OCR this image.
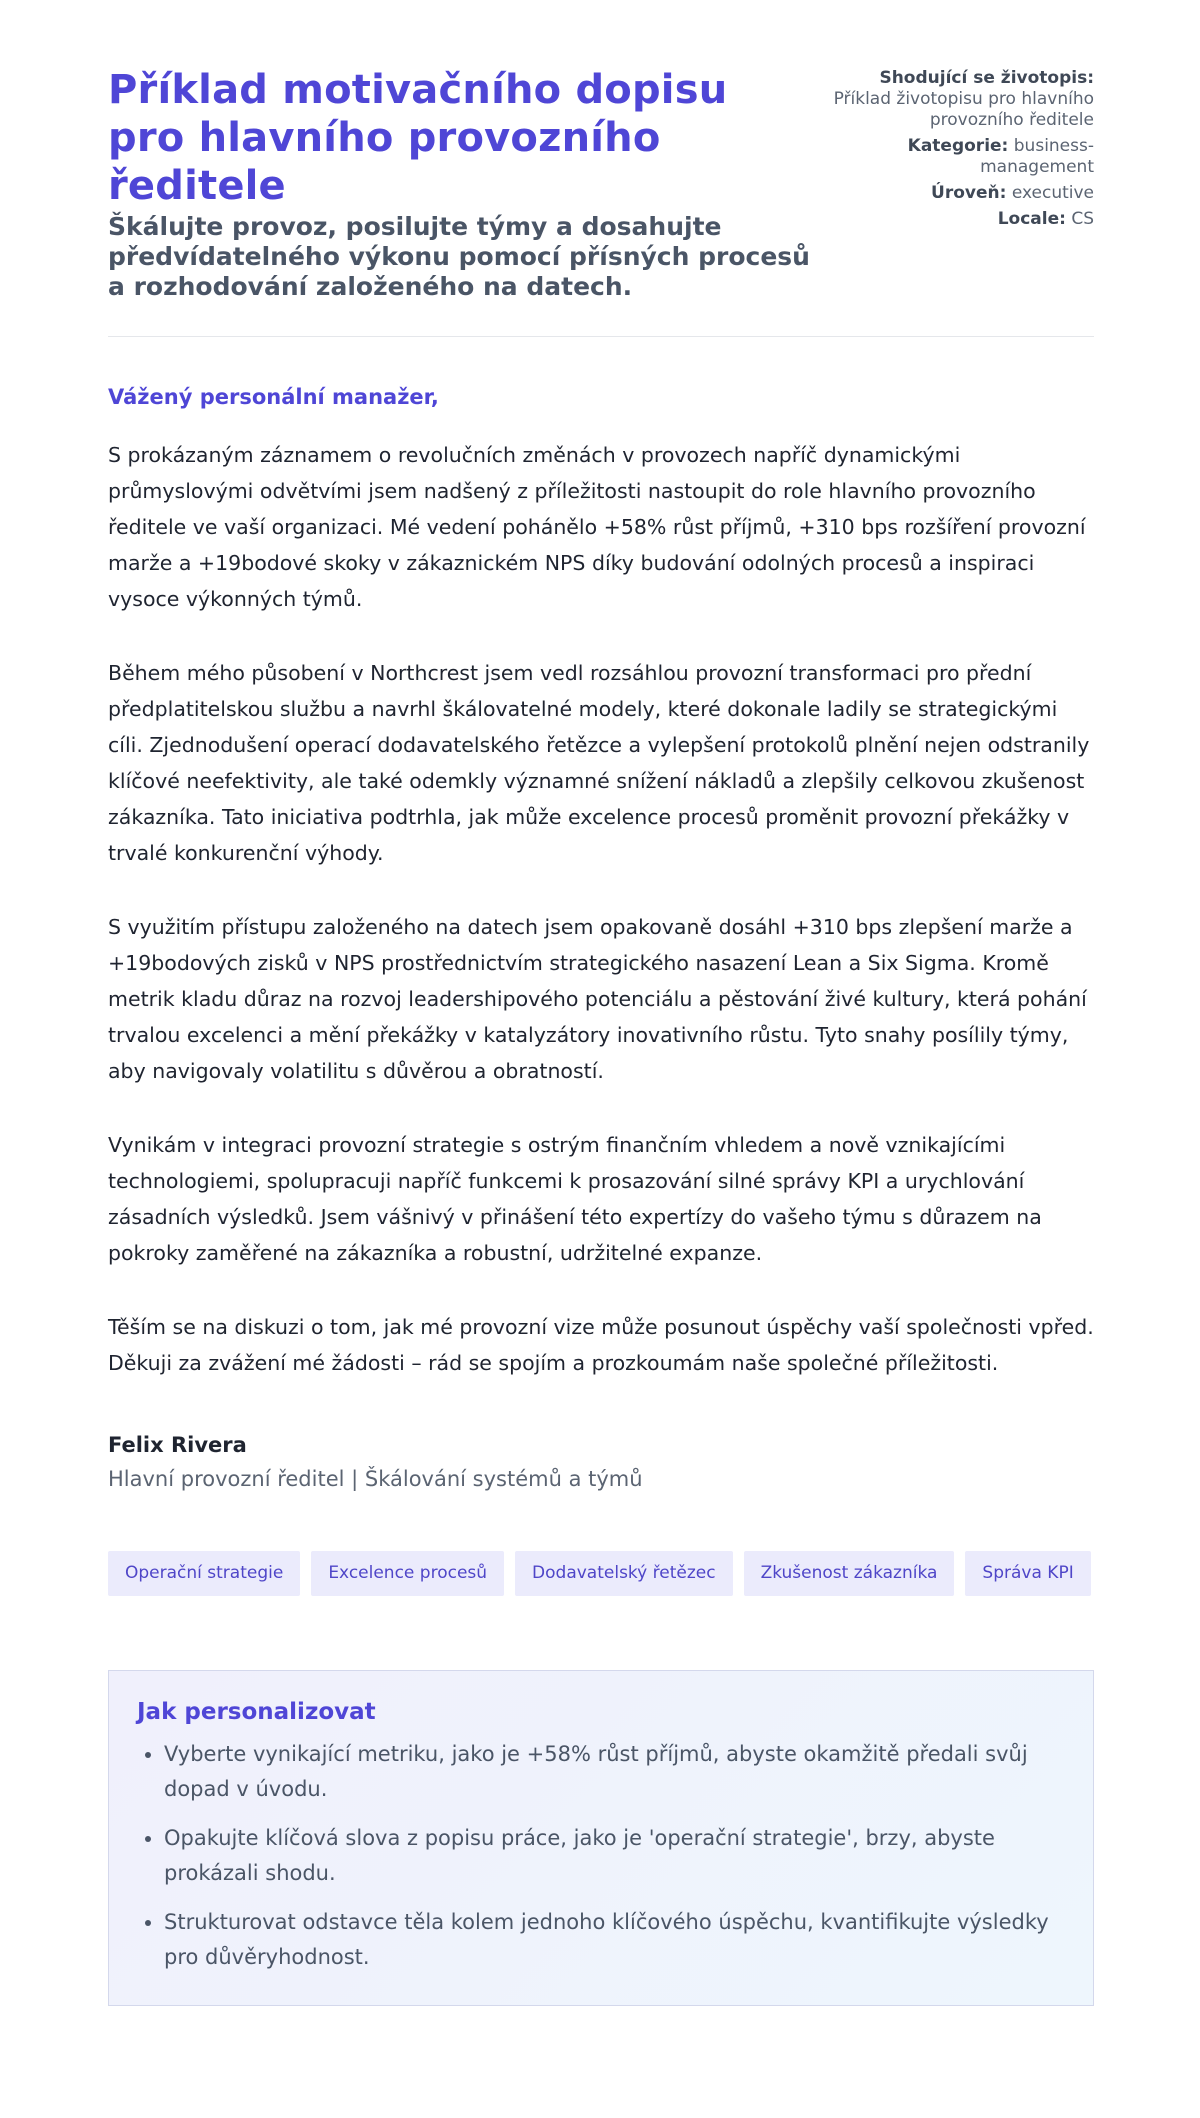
Příklad motivačního dopisu pro hlavního provozního ředitele
Škálujte provoz, posilujte týmy a dosahujte předvídatelného výkonu pomocí přísných procesů a rozhodování založeného na datech.
Shodující se životopis:
Příklad životopisu pro hlavního provozního ředitele
Kategorie: business-management
Úroveň: executive
Locale: CS
Vážený personální manažer,

S prokázaným záznamem o revolučních změnách v provozech napříč dynamickými průmyslovými odvětvími jsem nadšený z příležitosti nastoupit do role hlavního provozního ředitele ve vaší organizaci. Mé vedení pohánělo +58% růst příjmů, +310 bps rozšíření provozní marže a +19bodové skoky v zákaznickém NPS díky budování odolných procesů a inspiraci vysoce výkonných týmů.

Během mého působení v Northcrest jsem vedl rozsáhlou provozní transformaci pro přední předplatitelskou službu a navrhl škálovatelné modely, které dokonale ladily se strategickými cíli. Zjednodušení operací dodavatelského řetězce a vylepšení protokolů plnění nejen odstranily klíčové neefektivity, ale také odemkly významné snížení nákladů a zlepšily celkovou zkušenost zákazníka. Tato iniciativa podtrhla, jak může excelence procesů proměnit provozní překážky v trvalé konkurenční výhody.

S využitím přístupu založeného na datech jsem opakovaně dosáhl +310 bps zlepšení marže a +19bodových zisků v NPS prostřednictvím strategického nasazení Lean a Six Sigma. Kromě metrik kladu důraz na rozvoj leadershipového potenciálu a pěstování živé kultury, která pohání trvalou excelenci a mění překážky v katalyzátory inovativního růstu. Tyto snahy posílily týmy, aby navigovaly volatilitu s důvěrou a obratností.

Vynikám v integraci provozní strategie s ostrým finančním vhledem a nově vznikajícími technologiemi, spolupracuji napříč funkcemi k prosazování silné správy KPI a urychlování zásadních výsledků. Jsem vášnivý v přinášení této expertízy do vašeho týmu s důrazem na pokroky zaměřené na zákazníka a robustní, udržitelné expanze.

Těším se na diskuzi o tom, jak mé provozní vize může posunout úspěchy vaší společnosti vpřed. Děkuji za zvážení mé žádosti – rád se spojím a prozkoumám naše společné příležitosti.

Felix Rivera
Hlavní provozní ředitel | Škálování systémů a týmů
Operační strategie	Excelence procesů	Dodavatelský řetězec	Zkušenost zákazníka	Správa KPI
Jak personalizovat
• Vyberte vynikající metriku, jako je +58% růst příjmů, abyste okamžitě předali svůj dopad v úvodu.
• Opakujte klíčová slova z popisu práce, jako je 'operační strategie', brzy, abyste prokázali shodu.
• Strukturovat odstavce těla kolem jednoho klíčového úspěchu, kvantifikujte výsledky pro důvěryhodnost.
